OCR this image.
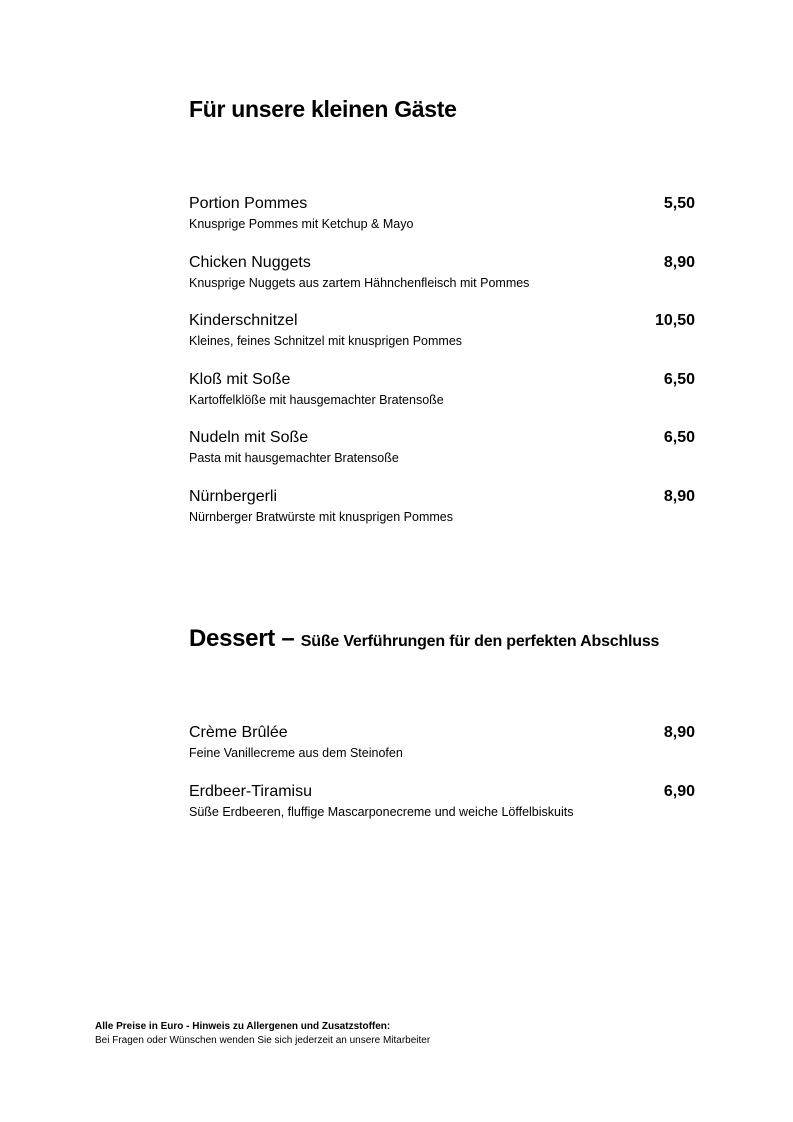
Für unsere kleinen Gäste
Portion Pommes	5,50
Knusprige Pommes mit Ketchup & Mayo
Chicken Nuggets	8,90
Knusprige Nuggets aus zartem Hähnchenfleisch mit Pommes
Kinderschnitzel	10,50
Kleines, feines Schnitzel mit knusprigen Pommes
Kloß mit Soße	6,50
Kartoffelklöße mit hausgemachter Bratensoße
Nudeln mit Soße	6,50
Pasta mit hausgemachter Bratensoße
Nürnbergerli	8,90
Nürnberger Bratwürste mit knusprigen Pommes
Dessert – Süße Verführungen für den perfekten Abschluss
Crème Brûlée	8,90
Feine Vanillecreme aus dem Steinofen
Erdbeer-Tiramisu	6,90
Süße Erdbeeren, fluffige Mascarponecreme und weiche Löffelbiskuits
Alle Preise in Euro - Hinweis zu Allergenen und Zusatzstoffen:
Bei Fragen oder Wünschen wenden Sie sich jederzeit an unsere Mitarbeiter
